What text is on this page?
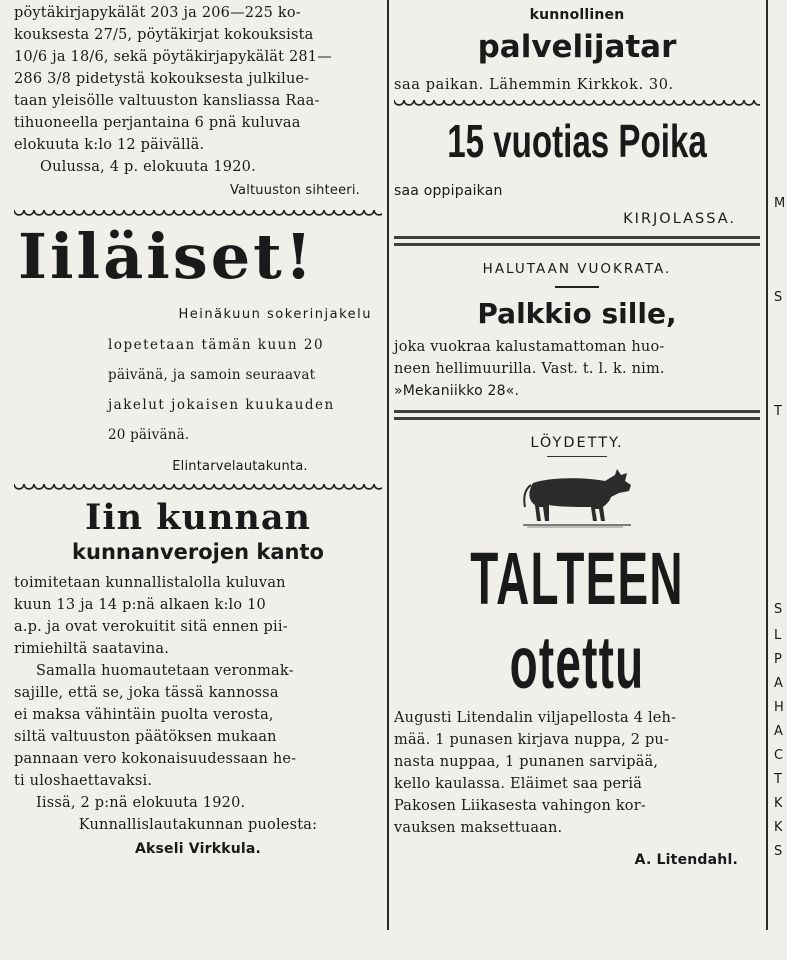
pöytäkirjapykälät 203 ja 206—225 ko-

kouksesta 27/5, pöytäkirjat kokouksista

10/6 ja 18/6, sekä pöytäkirjapykälät 281—

286 3/8 pidetystä kokouksesta julkilue-

taan yleisölle valtuuston kansliassa Raa-

tihuoneella perjantaina 6 pnä kuluvaa

elokuuta k:lo 12 päivällä.

Oulussa, 4 p. elokuuta 1920.

Valtuuston sihteeri.

Iiläiset!

Heinäkuun sokerinjakelu

lopetetaan tämän kuun 20

päivänä, ja samoin seuraavat

jakelut jokaisen kuukauden

20 päivänä.

Elintarvelautakunta.

Iin kunnan
kunnanverojen kanto

toimitetaan kunnallistalolla kuluvan

kuun 13 ja 14 p:nä alkaen k:lo 10

a.p. ja ovat verokuitit sitä ennen pii-

rimiehiltä saatavina.

Samalla huomautetaan veronmak-

sajille, että se, joka tässä kannossa

ei maksa vähintäin puolta verosta,

siltä valtuuston päätöksen mukaan

pannaan vero kokonaisuudessaan he-

ti uloshaettavaksi.

Iissä, 2 p:nä elokuuta 1920.

Kunnallislautakunnan puolesta:

Akseli Virkkula.

kunnollinen

palvelijatar

saa paikan. Lähemmin Kirkkok. 30.

15 vuotias Poika

saa oppipaikan

KIRJOLASSA.

HALUTAAN VUOKRATA.

Palkkio sille,

joka vuokraa kalustamattoman huo-

neen hellimuurilla. Vast. t. l. k. nim.

»Mekaniikko 28«.

LÖYDETTY.

TALTEEN otettu

Augusti Litendalin viljapellosta 4 leh-

mää. 1 punasen kirjava nuppa, 2 pu-

nasta nuppaa, 1 punanen sarvipää,

kello kaulassa. Eläimet saa periä

Pakosen Liikasesta vahingon kor-

vauksen maksettuaan.

A. Litendahl.

M
S
T
S
L
P
A
H
A
C
T
K
K
S
